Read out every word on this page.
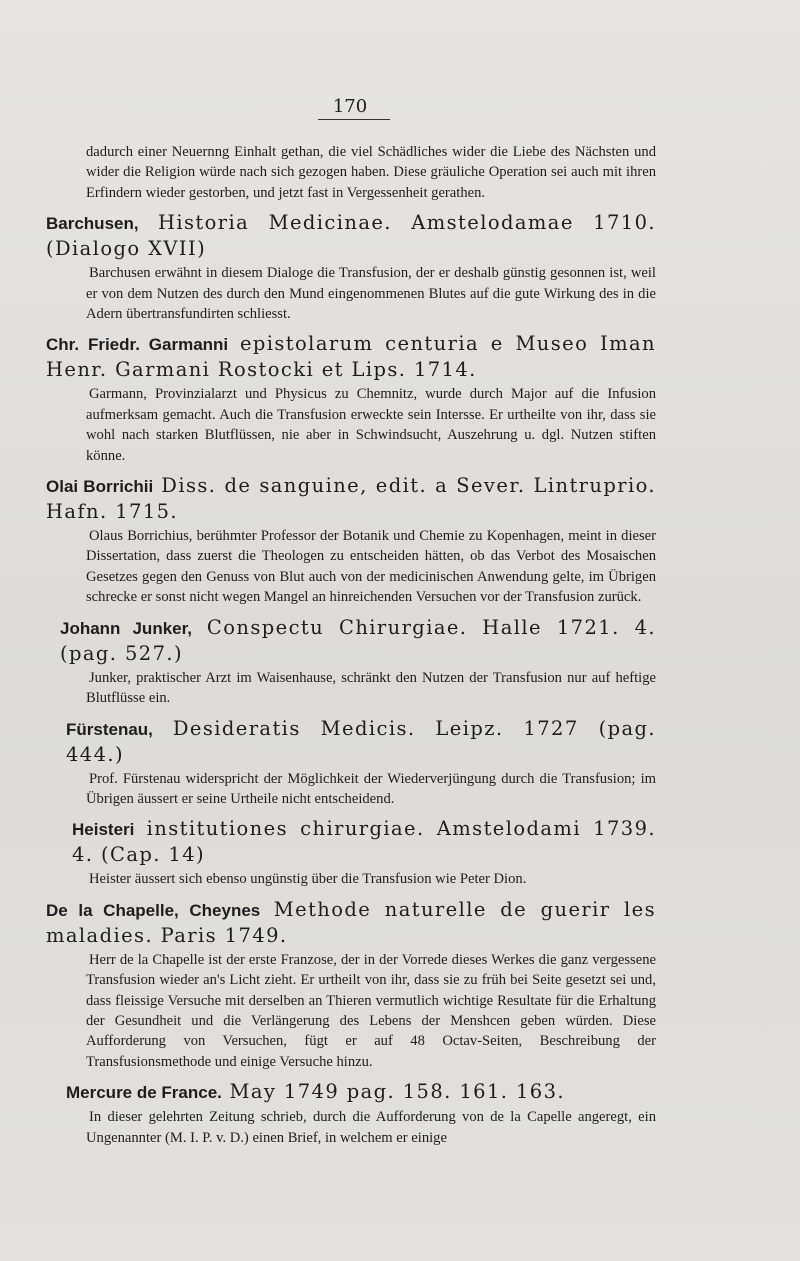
170

dadurch einer Neuernng Einhalt gethan, die viel Schädliches wider die Liebe des Nächsten und wider die Religion würde nach sich gezogen haben. Diese gräuliche Operation sei auch mit ihren Erfindern wieder gestorben, und jetzt fast in Vergessenheit gerathen.

Barchusen, Historia Medicinae. Amstelodamae 1710. (Dialogo XVII)

Barchusen erwähnt in diesem Dialoge die Transfusion, der er deshalb günstig gesonnen ist, weil er von dem Nutzen des durch den Mund eingenommenen Blutes auf die gute Wirkung des in die Adern übertransfundirten schliesst.

Chr. Friedr. Garmanni epistolarum centuria e Museo Iman Henr. Garmani Rostocki et Lips. 1714.

Garmann, Provinzialarzt und Physicus zu Chemnitz, wurde durch Major auf die Infusion aufmerksam gemacht. Auch die Transfusion erweckte sein Intersse. Er urtheilte von ihr, dass sie wohl nach starken Blutflüssen, nie aber in Schwindsucht, Auszehrung u. dgl. Nutzen stiften könne.

Olai Borrichii Diss. de sanguine, edit. a Sever. Lintruprio. Hafn. 1715.

Olaus Borrichius, berühmter Professor der Botanik und Chemie zu Kopenhagen, meint in dieser Dissertation, dass zuerst die Theologen zu entscheiden hätten, ob das Verbot des Mosaischen Gesetzes gegen den Genuss von Blut auch von der medicinischen Anwendung gelte, im Übrigen schrecke er sonst nicht wegen Mangel an hinreichenden Versuchen vor der Transfusion zurück.

Johann Junker, Conspectu Chirurgiae. Halle 1721. 4. (pag. 527.)

Junker, praktischer Arzt im Waisenhause, schränkt den Nutzen der Transfusion nur auf heftige Blutflüsse ein.

Fürstenau, Desideratis Medicis. Leipz. 1727 (pag. 444.)

Prof. Fürstenau widerspricht der Möglichkeit der Wiederverjüngung durch die Transfusion; im Übrigen äussert er seine Urtheile nicht entscheidend.

Heisteri institutiones chirurgiae. Amstelodami 1739. 4. (Cap. 14)

Heister äussert sich ebenso ungünstig über die Transfusion wie Peter Dion.

De la Chapelle, Cheynes Methode naturelle de guerir les maladies. Paris 1749.

Herr de la Chapelle ist der erste Franzose, der in der Vorrede dieses Werkes die ganz vergessene Transfusion wieder an's Licht zieht. Er urtheilt von ihr, dass sie zu früh bei Seite gesetzt sei und, dass fleissige Versuche mit derselben an Thieren vermutlich wichtige Resultate für die Erhaltung der Gesundheit und die Verlängerung des Lebens der Menshcen geben würden. Diese Aufforderung von Versuchen, fügt er auf 48 Octav-Seiten, Beschreibung der Transfusionsmethode und einige Versuche hinzu.

Mercure de France. May 1749 pag. 158. 161. 163.

In dieser gelehrten Zeitung schrieb, durch die Aufforderung von de la Capelle angeregt, ein Ungenannter (M. I. P. v. D.) einen Brief, in welchem er einige
